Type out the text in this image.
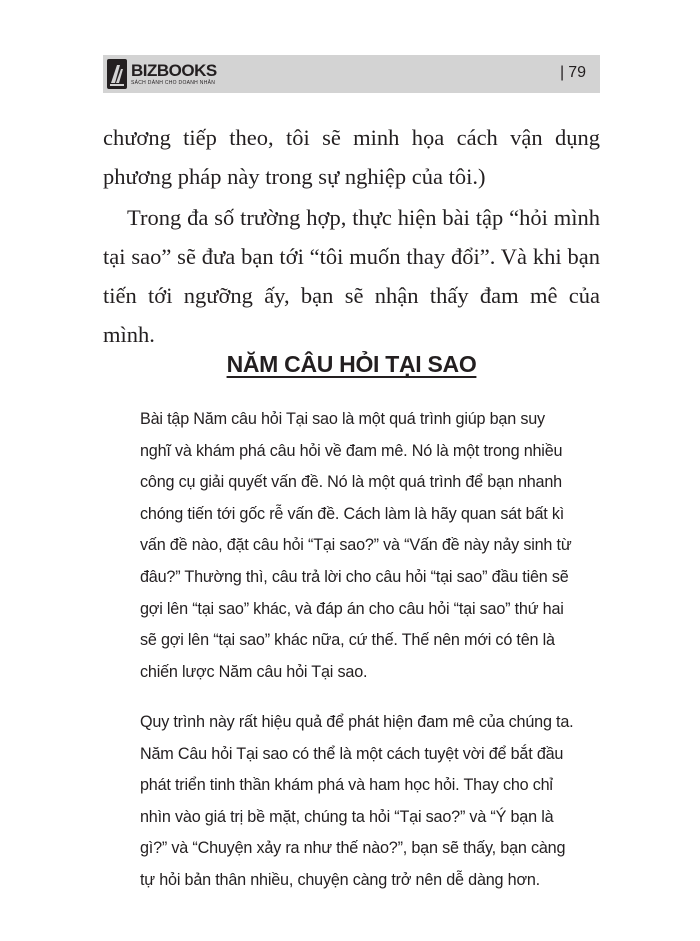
BIZBOOKS
SÁCH DÀNH CHO DOANH NHÂN
| 79

chương tiếp theo, tôi sẽ minh họa cách vận dụng phương pháp này trong sự nghiệp của tôi.)

Trong đa số trường hợp, thực hiện bài tập “hỏi mình tại sao” sẽ đưa bạn tới “tôi muốn thay đổi”. Và khi bạn tiến tới ngưỡng ấy, bạn sẽ nhận thấy đam mê của mình.

NĂM CÂU HỎI TẠI SAO

Bài tập Năm câu hỏi Tại sao là một quá trình giúp bạn suy nghĩ và khám phá câu hỏi về đam mê. Nó là một trong nhiều công cụ giải quyết vấn đề. Nó là một quá trình để bạn nhanh chóng tiến tới gốc rễ vấn đề. Cách làm là hãy quan sát bất kì vấn đề nào, đặt câu hỏi “Tại sao?” và “Vấn đề này nảy sinh từ đâu?” Thường thì, câu trả lời cho câu hỏi “tại sao” đầu tiên sẽ gợi lên “tại sao” khác, và đáp án cho câu hỏi “tại sao” thứ hai sẽ gợi lên “tại sao” khác nữa, cứ thế. Thế nên mới có tên là chiến lược Năm câu hỏi Tại sao.

Quy trình này rất hiệu quả để phát hiện đam mê của chúng ta. Năm Câu hỏi Tại sao có thể là một cách tuyệt vời để bắt đầu phát triển tinh thần khám phá và ham học hỏi. Thay cho chỉ nhìn vào giá trị bề mặt, chúng ta hỏi “Tại sao?” và “Ý bạn là gì?” và “Chuyện xảy ra như thế nào?”, bạn sẽ thấy, bạn càng tự hỏi bản thân nhiều, chuyện càng trở nên dễ dàng hơn.
